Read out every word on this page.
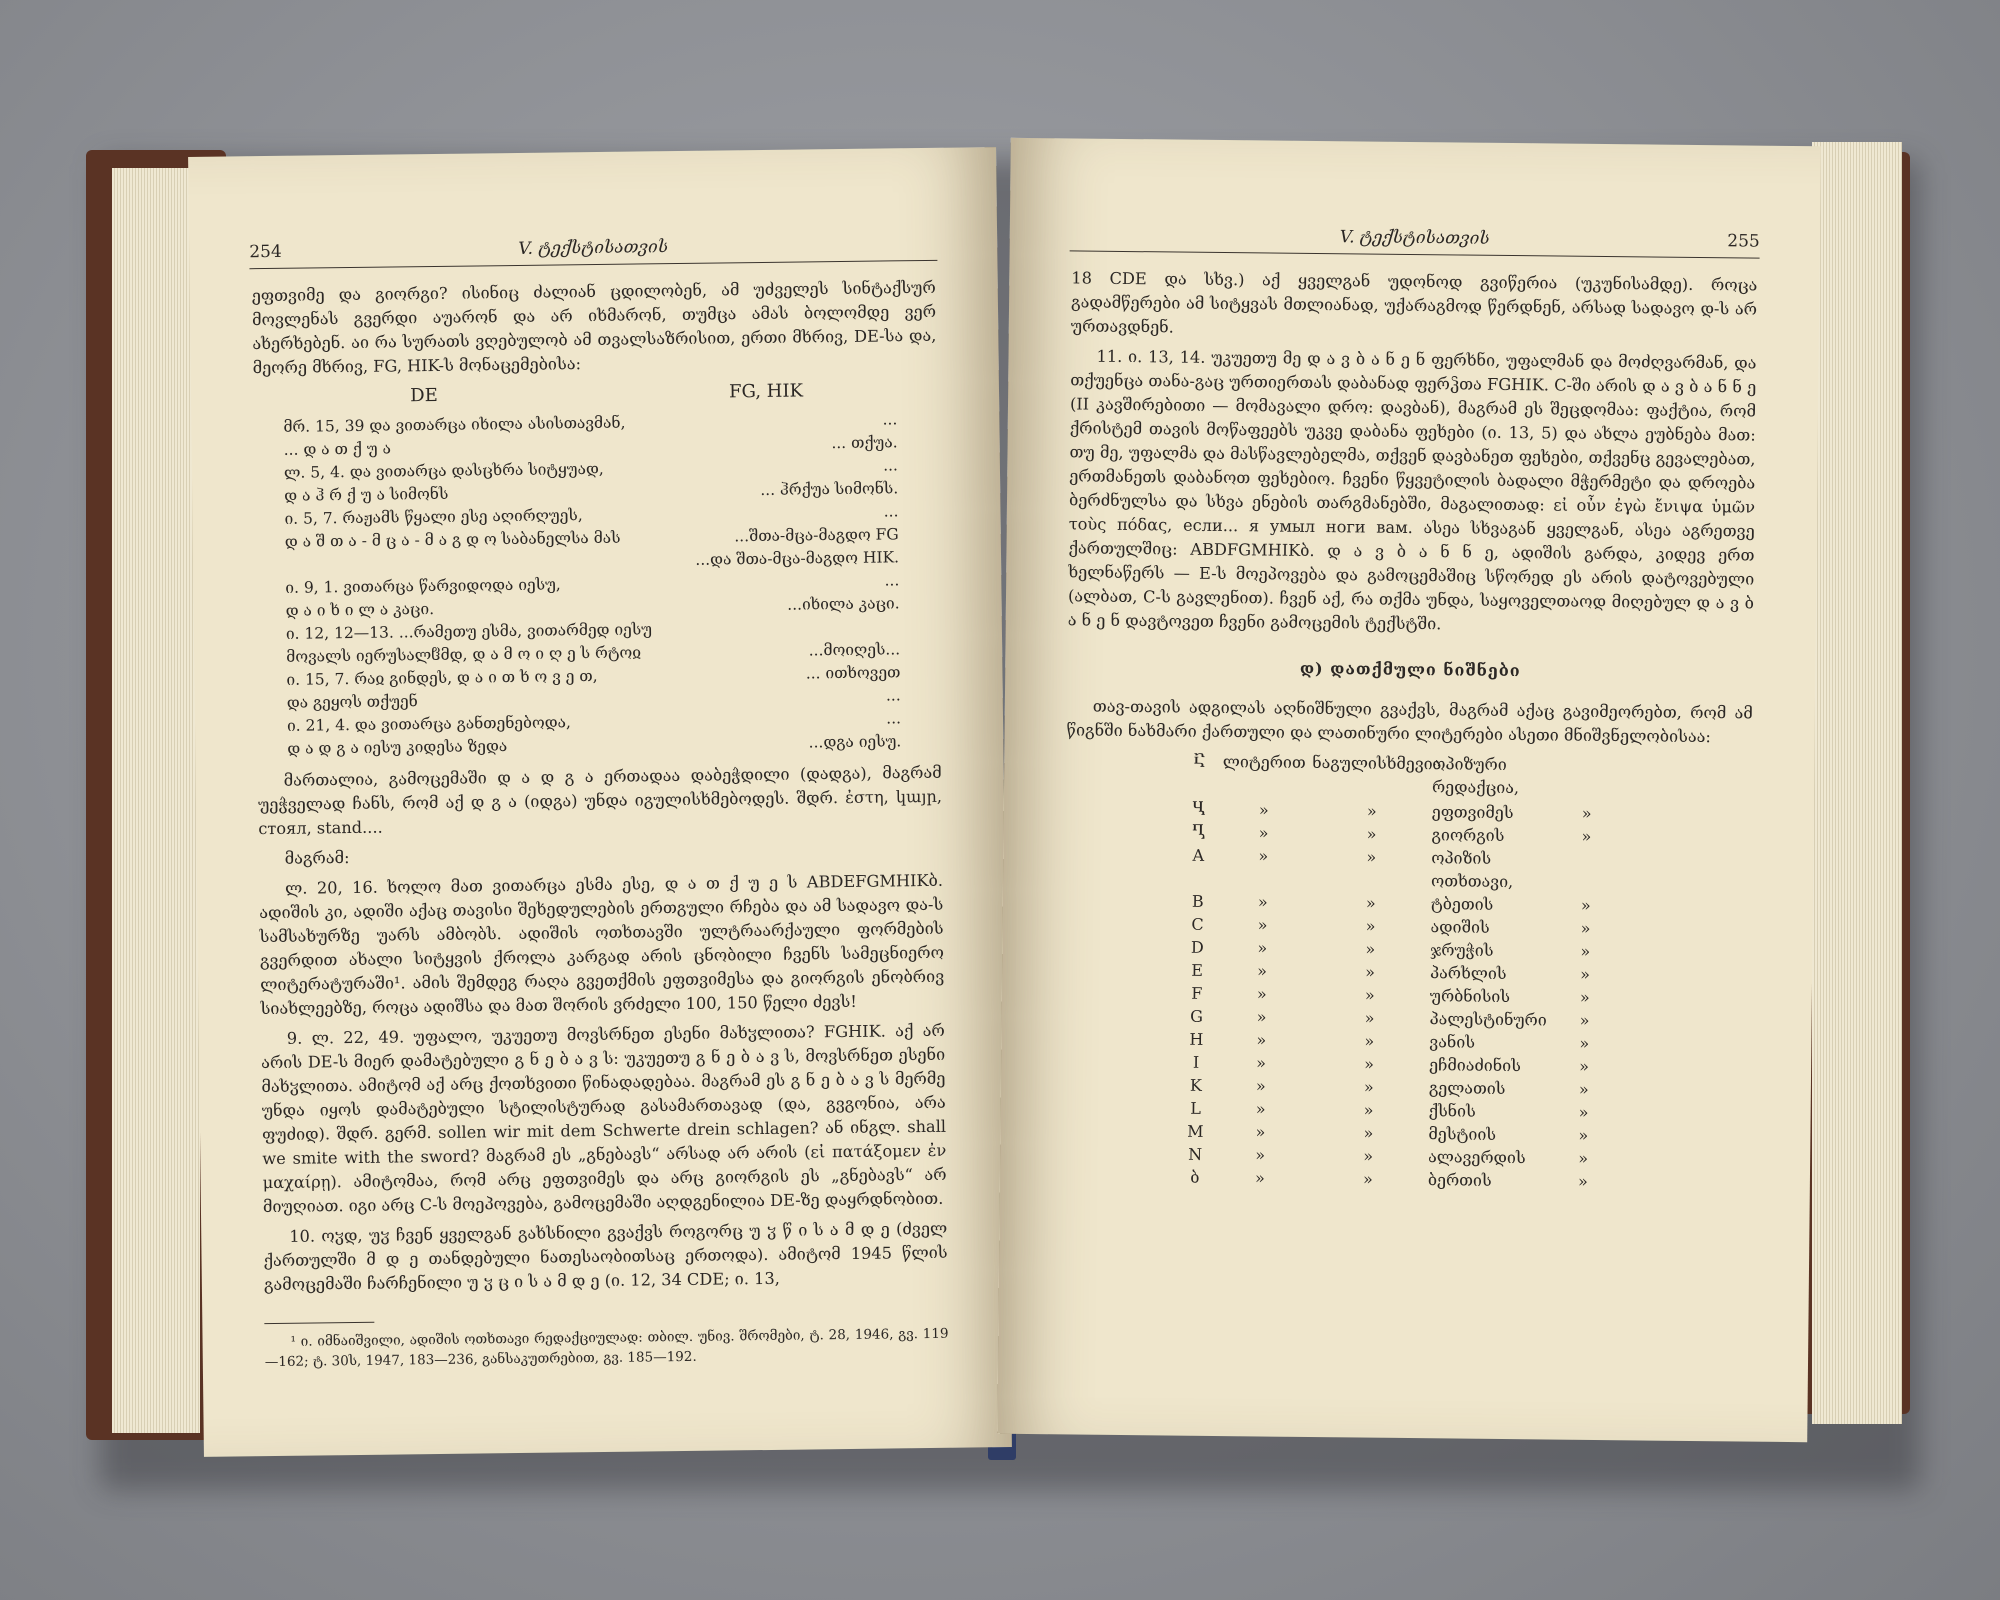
254	V. ტექსტისათვის

ეფთვიმე და გიორგი? ისინიც ძალიან ცდილობენ, ამ უძველეს სინტაქსურ მოვლენას გვერდი აუარონ და არ იხმარონ, თუმცა ამას ბოლომდე ვერ ახერხებენ. აი რა სურათს ვღებულობ ამ თვალსაზრისით, ერთი მხრივ, DE-სა და, მეორე მხრივ, FG, HIK-ს მონაცემებისა:

DE	FG, HIK
მრ. 15, 39 და ვითარცა იხილა ასისთავმან,	...
... დ ა თ ქ უ ა	... თქუა.
ლ. 5, 4. და ვითარცა დასცხრა სიტყუად,	...
დ ა ჰ რ ქ უ ა სიმონს	... ჰრქუა სიმონს.
ი. 5, 7. რაჟამს წყალი ესე აღირღუეს,	...
დ ა შ თ ა - მ ც ა - მ ა გ დ ო საბანელსა მას	...შთა-მცა-მაგდო FG
...და შთა-მცა-მაგდო HIK.
ი. 9, 1. ვითარცა წარვიდოდა იესუ,	...
დ ა ი ხ ი ლ ა კაცი.	...იხილა კაცი.
ი. 12, 12—13. ...რამეთუ ესმა, ვითარმედ იესუ
მოვალს იერუსალჱმდ, დ ა მ ო ი ღ ე ს რტოჲ	...მოიღეს...
ი. 15, 7. რაჲ გინდეს, დ ა ი თ ხ ო ვ ე თ,	... ითხოვეთ
და გეყოს თქუენ	...
ი. 21, 4. და ვითარცა განთენებოდა,	...
დ ა დ გ ა იესუ კიდესა ზედა	...დგა იესუ.

მართალია, გამოცემაში დ ა დ გ ა ერთადაა დაბეჭდილი (დადგა), მაგრამ უეჭველად ჩანს, რომ აქ დ გ ა (იდგა) უნდა იგულისხმებოდეს. შდრ. ἐστη, կայր, стоял, stand....

მაგრამ:

ლ. 20, 16. ხოლო მათ ვითარცა ესმა ესე, დ ა თ ქ უ ე ს ABDEFGMHIKბ. ადიშის კი, ადიში აქაც თავისი შეხედულების ერთგული რჩება და ამ სადავო და-ს სამსახურზე უარს ამბობს. ადიშის ოთხთავში ულტრაარქაული ფორმების გვერდით ახალი სიტყვის ქროლა კარგად არის ცნობილი ჩვენს სამეცნიერო ლიტერატურაში¹. ამის შემდეგ რაღა გვეთქმის ეფთვიმესა და გიორგის ენობრივ სიახლეებზე, როცა ადიშსა და მათ შორის ვრძელი 100, 150 წელი ძევს!

9. ლ. 22, 49. უფალო, უკუეთუ მოვსრნეთ ესენი მახჳლითა? FGHIK. აქ არ არის DE-ს მიერ დამატებული გ ნ ე ბ ა ვ ს: უკუეთუ გ ნ ე ბ ა ვ ს, მოვსრნეთ ესენი მახჳლითა. ამიტომ აქ არც ქოთხვითი წინადადებაა. მაგრამ ეს გ ნ ე ბ ა ვ ს მერმე უნდა იყოს დამატებული სტილისტურად გასამართავად (და, გვგონია, არა ფუძიდ). შდრ. გერმ. sollen wir mit dem Schwerte drein schlagen? ან ინგლ. shall we smite with the sword? მაგრამ ეს „გნებავს“ არსად არ არის (εἰ πατάξομεν ἐν μαχαίρῃ). ამიტომაა, რომ არც ეფთვიმეს და არც გიორგის ეს „გნებავს“ არ მიუღიათ. იგი არც C-ს მოეპოვება, გამოცემაში აღდგენილია DE-ზე დაყრდნობით.

10. ოჳდ, უჳ ჩვენ ყველგან გახსნილი გვაქვს როგორც უ ჳ წ ი ს ა მ დ ე (ძველ ქართულში მ დ ე თანდებული ნათესაობითსაც ერთოდა). ამიტომ 1945 წლის გამოცემაში ჩარჩენილი უ ჳ ც ი ს ა მ დ ე (ი. 12, 34 CDE; ი. 13,

¹ ი. იმნაიშვილი, ადიშის ოთხთავი რედაქციულად: თბილ. უნივ. შრომები, ტ. 28, 1946, გვ. 119—162; ტ. 30ს, 1947, 183—236, განსაკუთრებით, გვ. 185—192.

V. ტექსტისათვის	255

18 CDE და სხვ.) აქ ყველგან უდონოდ გვიწერია (უკუნისამდე). როცა გადამწერები ამ სიტყვას მთლიანად, უქარაგმოდ წერდნენ, არსად სადავო დ-ს არ ურთავდნენ.

11. ი. 13, 14. უკუეთუ მე დ ა ვ ბ ა ნ ე ნ ფერხნი, უფალმან და მოძღვარმან, და თქუენცა თანა-გაც ურთიერთას დაბანად ფერჴთა FGHIK. C-ში არის დ ა ვ ბ ა ნ ნ ე (II კავშირებითი — მომავალი დრო: დავბან), მაგრამ ეს შეცდომაა: ფაქტია, რომ ქრისტემ თავის მოწაფეებს უკვე დაბანა ფეხები (ი. 13, 5) და ახლა ეუბნება მათ: თუ მე, უფალმა და მასწავლებელმა, თქვენ დავბანეთ ფეხები, თქვენც გევალებათ, ერთმანეთს დაბანოთ ფეხებიო. ჩვენი წყვეტილის ბადალი მჭერმეტი და დროება ბერძნულსა და სხვა ენების თარგმანებში, მაგალითად: εἰ οὖν ἐγὼ ἔνιψα ὑμῶν τοὺς πόδας, если... я умыл ноги вам. ასეა სხვაგან ყველგან, ასეა აგრეთვე ქართულშიც: ABDFGMHIKბ. დ ა ვ ბ ა ნ ნ ე, ადიშის გარდა, კიდევ ერთ ხელნაწერს — E-ს მოეპოვება და გამოცემაშიც სწორედ ეს არის დატოვებული (ალბათ, C-ს გავლენით). ჩვენ აქ, რა თქმა უნდა, საყოველთაოდ მიღებულ დ ა ვ ბ ა ნ ე ნ დავტოვეთ ჩვენი გამოცემის ტექსტში.

დ) დათქმული ნიშნები

თავ-თავის ადგილას აღნიშნული გვაქვს, მაგრამ აქაც გავიმეორებთ, რომ ამ წიგნში ნახმარი ქართული და ლათინური ლიტერები ასეთი მნიშვნელობისაა:

Ⴀ	ლიტერით ნაგულისხმევია
ოპიზური რედაქცია,
Ⴁ	»	»	ეფთვიმეს	»
Ⴂ	»	»	გიორგის	»
A	»	»	ოპიზის ოთხთავი,
B	»	»	ტბეთის	»
C	»	»	ადიშის	»
D	»	»	ჯრუჭის	»
E	»	»	პარხლის	»
F	»	»	ურბნისის	»
G	»	»	პალესტინური	»
H	»	»	ვანის	»
I	»	»	ეჩმიაძინის	»
K	»	»	გელათის	»
L	»	»	ქსნის	»
M	»	»	მესტიის	»
N	»	»	ალავერდის	»
ბ	»	»	ბერთის	»
